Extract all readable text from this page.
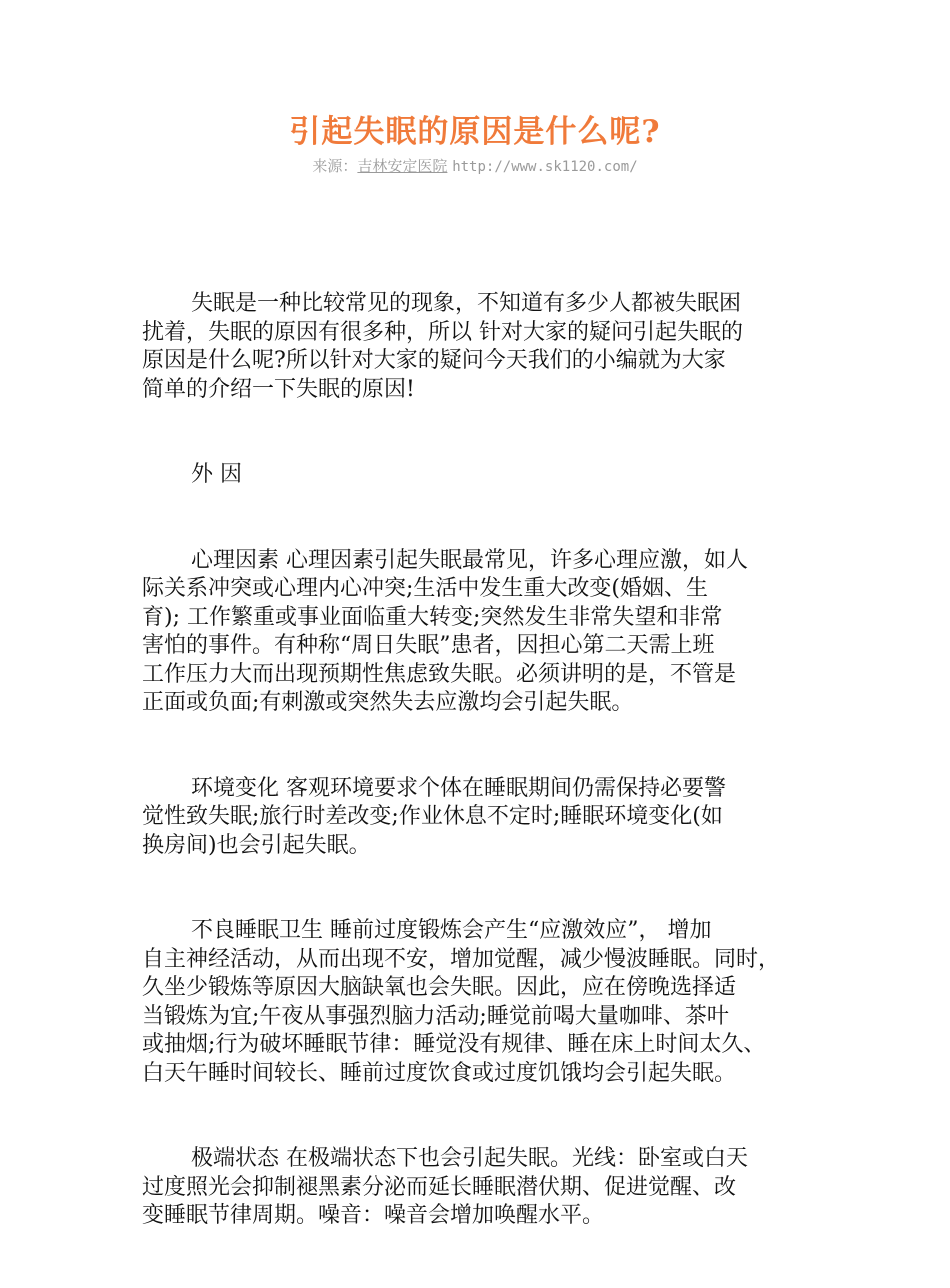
引起失眠的原因是什么呢?
来源：吉林安定医院 http://www.sk1120.com/

失眠是一种比较常见的现象，不知道有多少人都被失眠困
扰着，失眠的原因有很多种，所以 针对大家的疑问引起失眠的
原因是什么呢?所以针对大家的疑问今天我们的小编就为大家
简单的介绍一下失眠的原因!

外 因

心理因素 心理因素引起失眠最常见，许多心理应激，如人
际关系冲突或心理内心冲突;生活中发生重大改变(婚姻、生
育); 工作繁重或事业面临重大转变;突然发生非常失望和非常
害怕的事件。有种称“周日失眠”患者，因担心第二天需上班
工作压力大而出现预期性焦虑致失眠。必须讲明的是，不管是
正面或负面;有刺激或突然失去应激均会引起失眠。

环境变化 客观环境要求个体在睡眠期间仍需保持必要警
觉性致失眠;旅行时差改变;作业休息不定时;睡眠环境变化(如
换房间)也会引起失眠。

不良睡眠卫生 睡前过度锻炼会产生“应激效应”， 增加
自主神经活动，从而出现不安，增加觉醒，减少慢波睡眠。同时，
久坐少锻炼等原因大脑缺氧也会失眠。因此，应在傍晚选择适
当锻炼为宜;午夜从事强烈脑力活动;睡觉前喝大量咖啡、茶叶
或抽烟;行为破坏睡眠节律：睡觉没有规律、睡在床上时间太久、
白天午睡时间较长、睡前过度饮食或过度饥饿均会引起失眠。

极端状态 在极端状态下也会引起失眠。光线：卧室或白天
过度照光会抑制褪黑素分泌而延长睡眠潜伏期、促进觉醒、改
变睡眠节律周期。噪音：噪音会增加唤醒水平。
